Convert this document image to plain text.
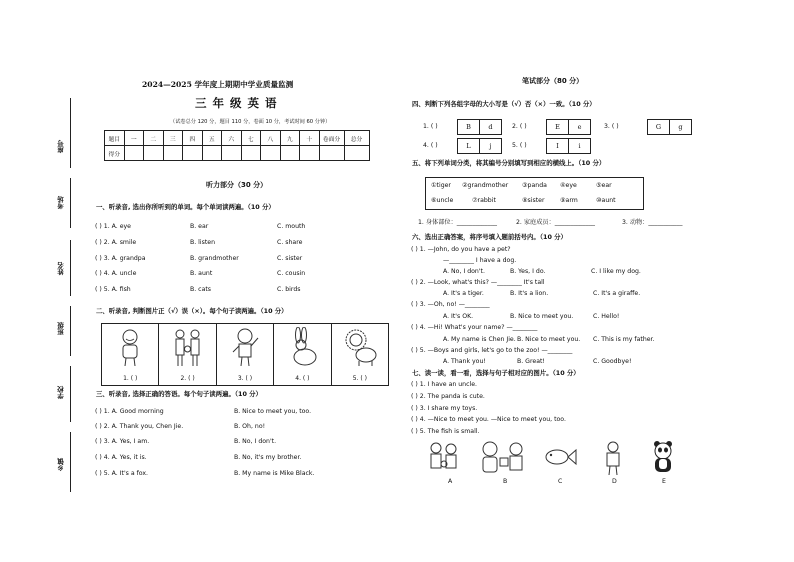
座号
考场
姓名
班级
学校
乡镇
2024—2025 学年度上期期中学业质量监测
三 年 级 英 语
（试卷总分 120 分，题目 110 分，卷面 10 分，考试时间 60 分钟）
题目	一	二	三	四	五	六	七	八	九	十	卷面分	总分
得分												
听力部分（30 分）
一、听录音, 选出你所听到的单词。每个单词读两遍。（10 分）
( ) 1. A. eye	B. ear	C. mouth
( ) 2. A. smile	B. listen	C. share
( ) 3. A. grandpa	B. grandmother	C. sister
( ) 4. A. uncle	B. aunt	C. cousin
( ) 5. A. fish	B. cats	C. birds
二、听录音, 判断图片正（√）误（×）。每个句子读两遍。（10 分）
1. ( )	2. ( )	3. ( )	4. ( )	5. ( )
三、听录音, 选择正确的答语。每个句子读两遍。（10 分）
( ) 1. A. Good morning	B. Nice to meet you, too.
( ) 2. A. Thank you, Chen Jie.	B. Oh, no!
( ) 3. A. Yes, I am.	B. No, I don't.
( ) 4. A. Yes, it is.	B. No, it's my brother.
( ) 5. A. It's a fox.	B. My name is Mike Black.
笔试部分（80 分）
四、判断下列各组字母的大小写是（√）否（×）一致。（10 分）
1. ( )	B	d	2. ( )	E	e	3. ( )	G	g
4. ( )	L	j	5. ( )	I	i
五、将下列单词分类，将其编号分别填写到相应的横线上。（10 分）
①tiger ②grandmother ③panda ④eye	⑤ear
⑥uncle	⑦rabbit	⑧sister	⑨arm	⑩aunt
1. 身体部位：_____________	2. 家庭成员：_____________	3. 动物：___________
六、选出正确答案，将序号填入题前括号内。（10 分）
( ) 1. —John, do you have a pet?
—________ I have a dog.
A. No, I don't.	B. Yes, I do.	C. I like my dog.
( ) 2. —Look, what's this? —________ It's tall
A. It's a tiger.	B. It's a lion.	C. It's a giraffe.
( ) 3. —Oh, no! —________
A. It's OK.	B. Nice to meet you.	C. Hello!
( ) 4. —Hi! What's your name? —________
A. My name is Chen Jie. B. Nice to meet you. C. This is my father.
( ) 5. —Boys and girls, let's go to the zoo! —________
A. Thank you!	B. Great!	C. Goodbye!
七、读一读，看一看，选择与句子相对应的图片。（10 分）
( ) 1. I have an uncle.
( ) 2. The panda is cute.
( ) 3. I share my toys.
( ) 4. —Nice to meet you. —Nice to meet you, too.
( ) 5. The fish is small.
A	B	C	D	E
